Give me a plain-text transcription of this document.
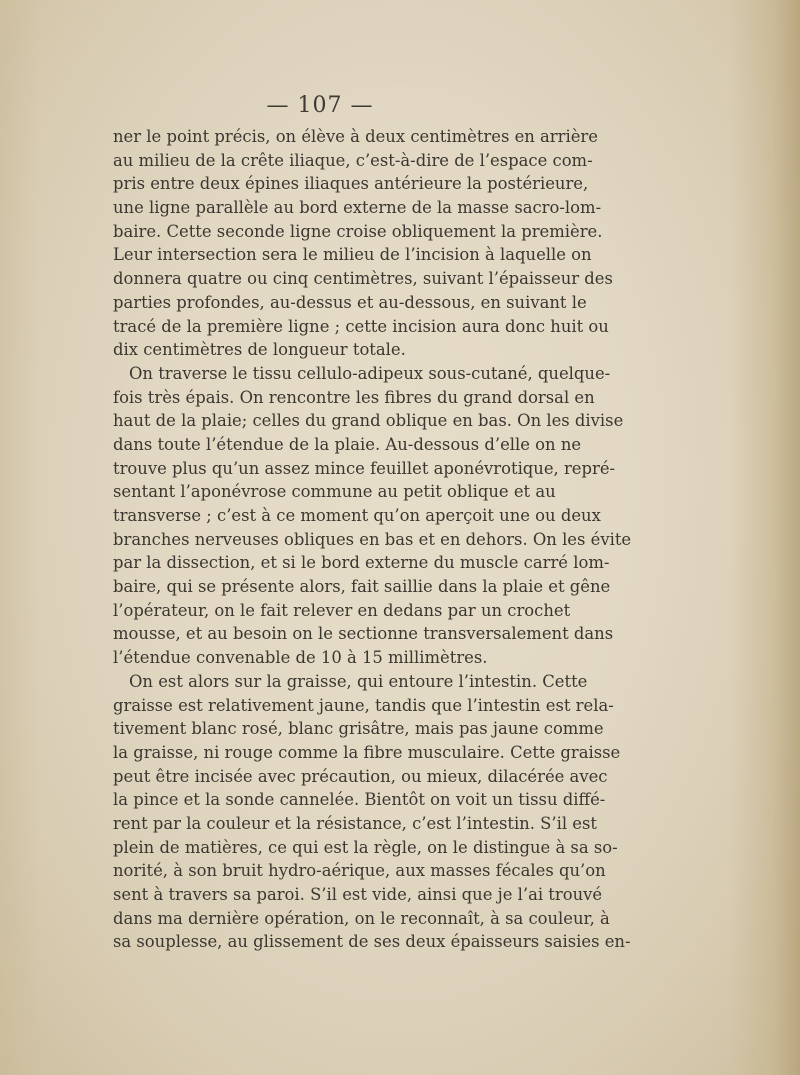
— 107 —
ner le point précis, on élève à deux centimètres en arrière
au milieu de la crête iliaque, c’est-à-dire de l’espace com-
pris entre deux épines iliaques antérieure la postérieure,
une ligne parallèle au bord externe de la masse sacro-lom-
baire. Cette seconde ligne croise obliquement la première.
Leur intersection sera le milieu de l’incision à laquelle on
donnera quatre ou cinq centimètres, suivant l’épaisseur des
parties profondes, au-dessus et au-dessous, en suivant le
tracé de la première ligne ; cette incision aura donc huit ou
dix centimètres de longueur totale.
On traverse le tissu cellulo-adipeux sous-cutané, quelque-
fois très épais. On rencontre les fibres du grand dorsal en
haut de la plaie; celles du grand oblique en bas. On les divise
dans toute l’étendue de la plaie. Au-dessous d’elle on ne
trouve plus qu’un assez mince feuillet aponévrotique, repré-
sentant l’aponévrose commune au petit oblique et au
transverse ; c’est à ce moment qu’on aperçoit une ou deux
branches nerveuses obliques en bas et en dehors. On les évite
par la dissection, et si le bord externe du muscle carré lom-
baire, qui se présente alors, fait saillie dans la plaie et gêne
l’opérateur, on le fait relever en dedans par un crochet
mousse, et au besoin on le sectionne transversalement dans
l’étendue convenable de 10 à 15 millimètres.
On est alors sur la graisse, qui entoure l’intestin. Cette
graisse est relativement jaune, tandis que l’intestin est rela-
tivement blanc rosé, blanc grisâtre, mais pas jaune comme
la graisse, ni rouge comme la fibre musculaire. Cette graisse
peut être incisée avec précaution, ou mieux, dilacérée avec
la pince et la sonde cannelée. Bientôt on voit un tissu diffé-
rent par la couleur et la résistance, c’est l’intestin. S’il est
plein de matières, ce qui est la règle, on le distingue à sa so-
norité, à son bruit hydro-aérique, aux masses fécales qu’on
sent à travers sa paroi. S’il est vide, ainsi que je l’ai trouvé
dans ma dernière opération, on le reconnaît, à sa couleur, à
sa souplesse, au glissement de ses deux épaisseurs saisies en-
